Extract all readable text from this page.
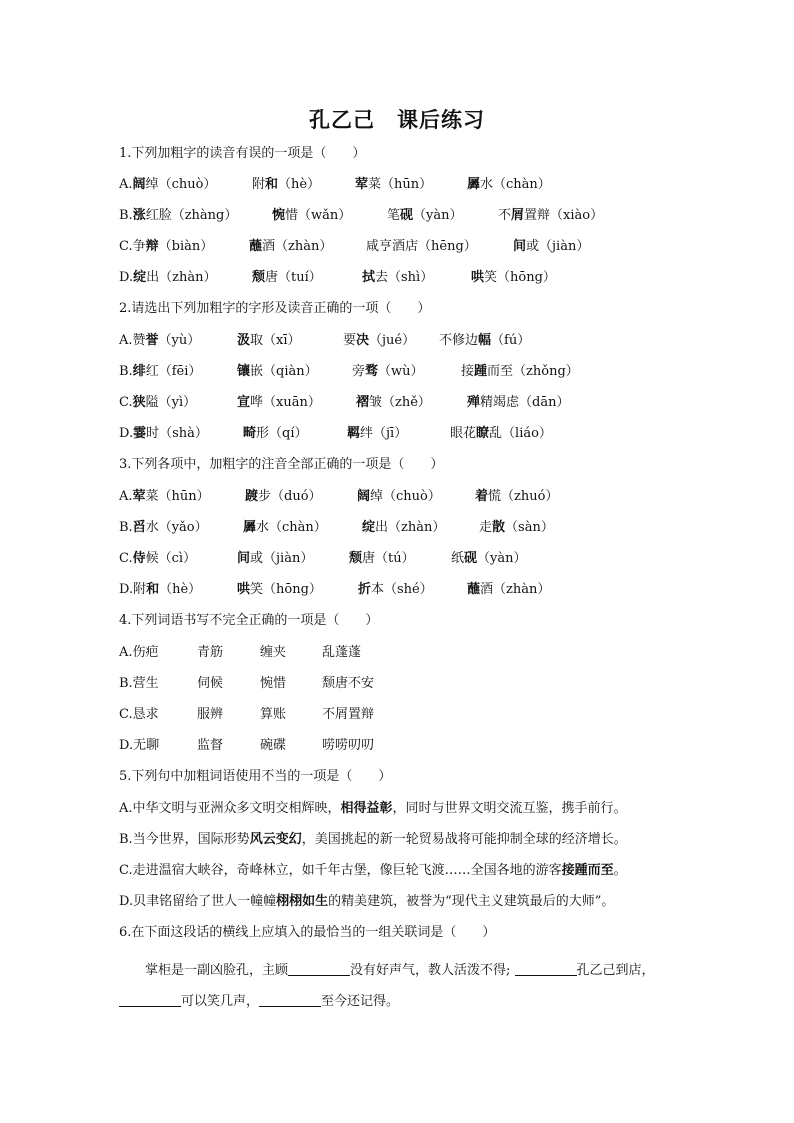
孔乙己　课后练习
1.下列加粗字的读音有误的一项是（　　）
A.阔绰（chuò）	附和（hè）	荤菜（hūn）	羼水（chàn）
B.涨红脸（zhàng）	惋惜（wǎn）	笔砚（yàn）	不屑置辩（xiào）
C.争辩（biàn）	蘸酒（zhàn）	咸亨酒店（hēng）	间或（jiàn）
D.绽出（zhàn）	颓唐（tuí）	拭去（shì）	哄笑（hōng）
2.请选出下列加粗字的字形及读音正确的一项（　　）
A.赞誉（yù）	汲取（xī）	要决（jué） 不修边幅（fú）
B.绯红（fēi）	镶嵌（qiàn）	旁骛（wù）	接踵而至（zhǒng）
C.狭隘（yì）	宣哗（xuān）	褶皱（zhě）	殚精竭虑（dān）
D.霎时（shà）	畸形（qí）	羁绊（jī）	眼花瞭乱（liáo）
3.下列各项中，加粗字的注音全部正确的一项是（　　）
A.荤菜（hūn）	踱步（duó）	阔绰（chuò）	着慌（zhuó）
B.舀水（yǎo）	羼水（chàn）	绽出（zhàn）	走散（sàn）
C.侍候（cì）	间或（jiàn）	颓唐（tú）	纸砚（yàn）
D.附和（hè）	哄笑（hōng）	折本（shé）	蘸酒（zhàn）
4.下列词语书写不完全正确的一项是（　　）
A.伤疤	青筋	缠夹	乱蓬蓬
B.营生	伺候	惋惜	颓唐不安
C.恳求	服辨	算账	不屑置辩
D.无聊	监督	碗碟	唠唠叨叨
5.下列句中加粗词语使用不当的一项是（　　）
A.中华文明与亚洲众多文明交相辉映，相得益彰，同时与世界文明交流互鉴，携手前行。
B.当今世界，国际形势风云变幻，美国挑起的新一轮贸易战将可能抑制全球的经济增长。
C.走进温宿大峡谷，奇峰林立，如千年古堡，像巨轮飞渡……全国各地的游客接踵而至。
D.贝聿铭留给了世人一幢幢栩栩如生的精美建筑，被誉为“现代主义建筑最后的大师”。
6.在下面这段话的横线上应填入的最恰当的一组关联词是（　　）
掌柜是一副凶脸孔，主顾	没有好声气，教人活泼不得;	孔乙己到店，可以笑几声，	至今还记得。
